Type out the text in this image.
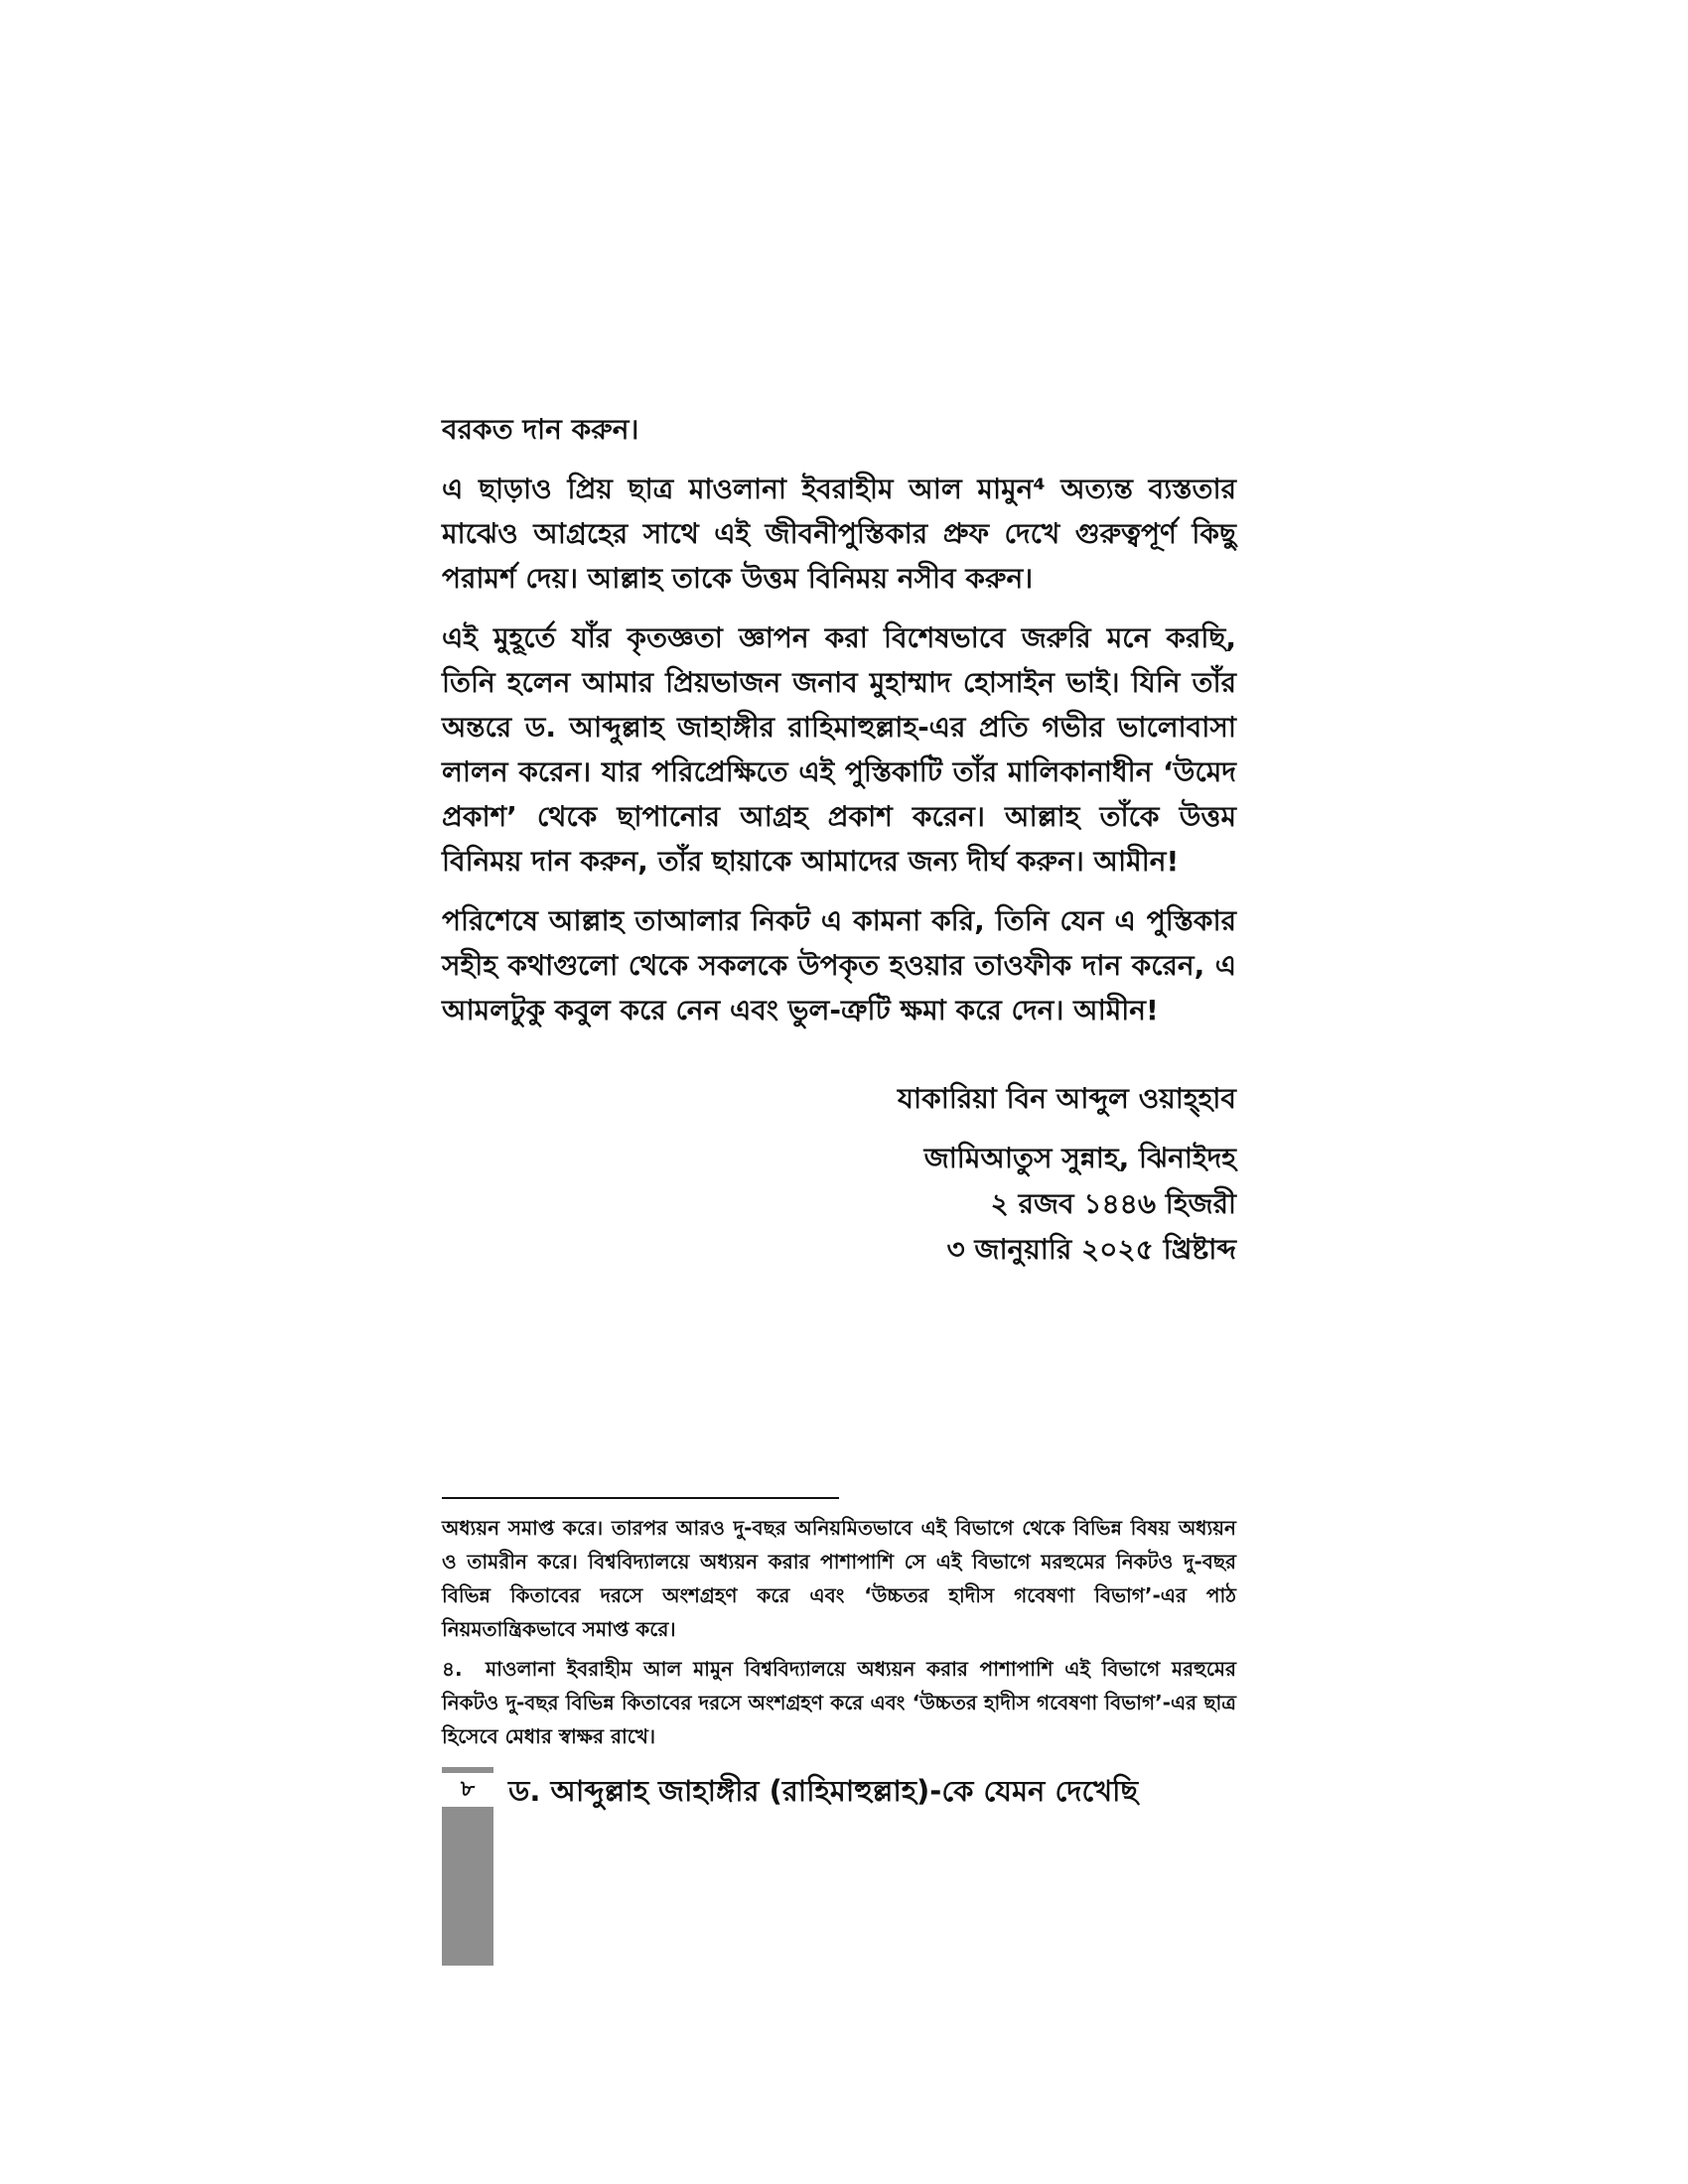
বরকত দান করুন।

এ ছাড়াও প্রিয় ছাত্র মাওলানা ইবরাহীম আল মামুন⁴ অত্যন্ত ব্যস্ততার মাঝেও আগ্রহের সাথে এই জীবনীপুস্তিকার প্রুফ দেখে গুরুত্বপূর্ণ কিছু পরামর্শ দেয়। আল্লাহ তাকে উত্তম বিনিময় নসীব করুন।

এই মুহূর্তে যাঁর কৃতজ্ঞতা জ্ঞাপন করা বিশেষভাবে জরুরি মনে করছি, তিনি হলেন আমার প্রিয়ভাজন জনাব মুহাম্মাদ হোসাইন ভাই। যিনি তাঁর অন্তরে ড. আব্দুল্লাহ জাহাঙ্গীর রাহিমাহুল্লাহ-এর প্রতি গভীর ভালোবাসা লালন করেন। যার পরিপ্রেক্ষিতে এই পুস্তিকাটি তাঁর মালিকানাধীন ‘উমেদ প্রকাশ’ থেকে ছাপানোর আগ্রহ প্রকাশ করেন। আল্লাহ তাঁকে উত্তম বিনিময় দান করুন, তাঁর ছায়াকে আমাদের জন্য দীর্ঘ করুন। আমীন!

পরিশেষে আল্লাহ তাআলার নিকট এ কামনা করি, তিনি যেন এ পুস্তিকার সহীহ কথাগুলো থেকে সকলকে উপকৃত হওয়ার তাওফীক দান করেন, এ আমলটুকু কবুল করে নেন এবং ভুল-ত্রুটি ক্ষমা করে দেন। আমীন!

যাকারিয়া বিন আব্দুল ওয়াহ্হাব
জামিআতুস সুন্নাহ, ঝিনাইদহ
২ রজব ১৪৪৬ হিজরী
৩ জানুয়ারি ২০২৫ খ্রিষ্টাব্দ

অধ্যয়ন সমাপ্ত করে। তারপর আরও দু-বছর অনিয়মিতভাবে এই বিভাগে থেকে বিভিন্ন বিষয় অধ্যয়ন ও তামরীন করে। বিশ্ববিদ্যালয়ে অধ্যয়ন করার পাশাপাশি সে এই বিভাগে মরহুমের নিকটও দু-বছর বিভিন্ন কিতাবের দরসে অংশগ্রহণ করে এবং ‘উচ্চতর হাদীস গবেষণা বিভাগ’-এর পাঠ নিয়মতান্ত্রিকভাবে সমাপ্ত করে।

৪. মাওলানা ইবরাহীম আল মামুন বিশ্ববিদ্যালয়ে অধ্যয়ন করার পাশাপাশি এই বিভাগে মরহুমের নিকটও দু-বছর বিভিন্ন কিতাবের দরসে অংশগ্রহণ করে এবং ‘উচ্চতর হাদীস গবেষণা বিভাগ’-এর ছাত্র হিসেবে মেধার স্বাক্ষর রাখে।

৮	ড. আব্দুল্লাহ জাহাঙ্গীর (রাহিমাহুল্লাহ)-কে যেমন দেখেছি
